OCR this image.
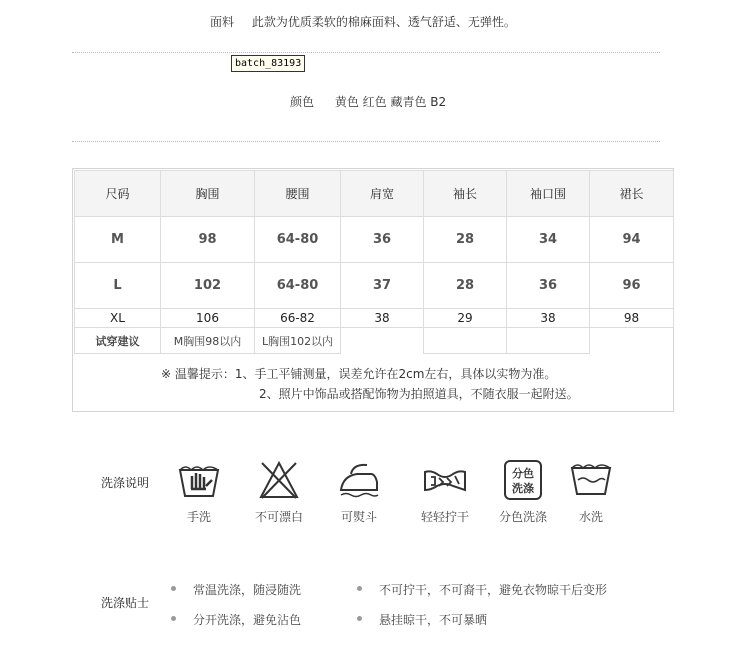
面料 此款为优质柔软的棉麻面料、透气舒适、无弹性。
batch_83193
颜色 黄色 红色 藏青色 B2
尺码	胸围	腰围	肩宽	袖长	袖口围	裙长
M	98	64-80	36	28	34	94
L	102	64-80	37	28	36	96
XL	106	66-82	38	29	38	98
试穿建议	M胸围98以内	L胸围102以内				
※ 温馨提示：1、手工平铺测量，误差允许在2cm左右，具体以实物为准。
2、照片中饰品或搭配饰物为拍照道具，不随衣服一起附送。
洗涤说明
手洗	不可漂白	可熨斗	轻轻拧干
分色
洗涤
分色洗涤	水洗
洗涤贴士
常温洗涤，随浸随洗	不可拧干，不可裔干，避免衣物晾干后变形
分开洗涤，避免沾色	悬挂晾干，不可暴晒
